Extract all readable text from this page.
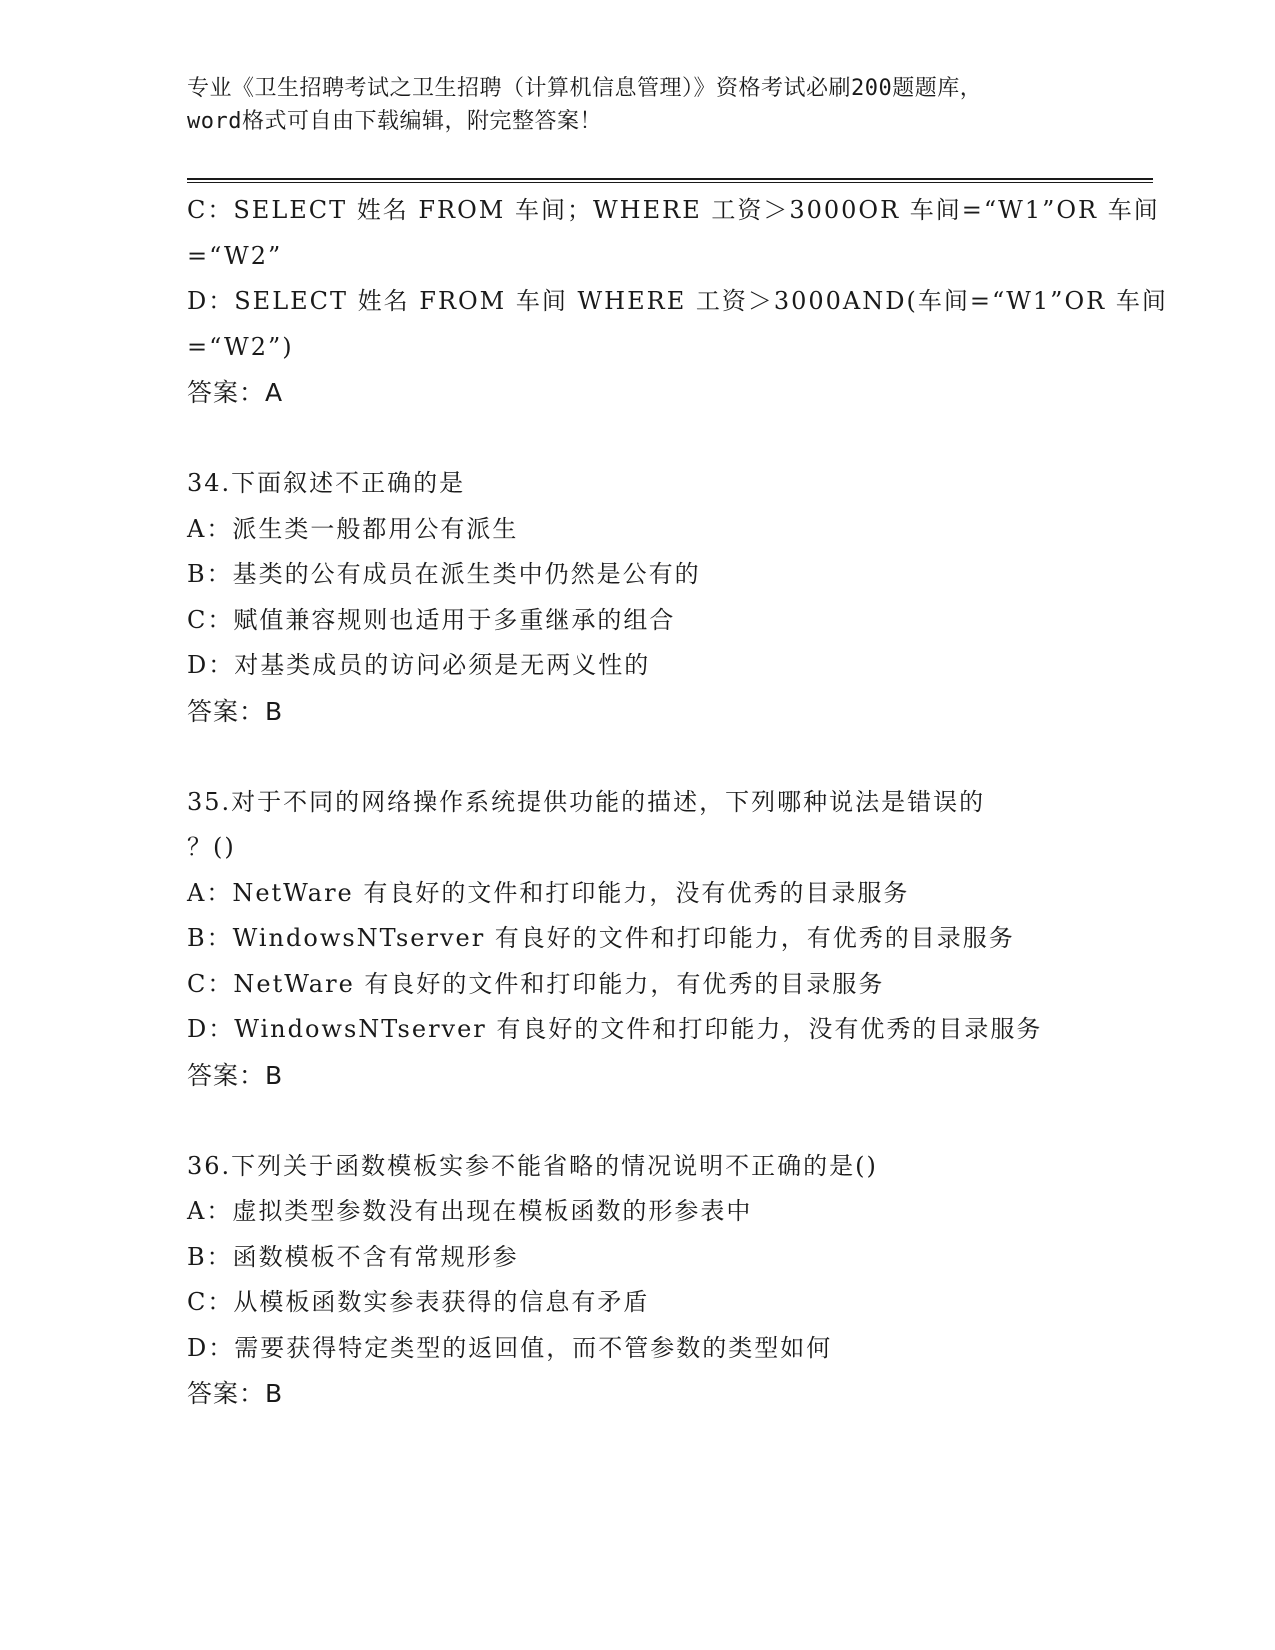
专业《卫生招聘考试之卫生招聘（计算机信息管理）》资格考试必刷200题题库，
word格式可自由下载编辑，附完整答案！
C：SELECT 姓名 FROM 车间；WHERE 工资＞3000OR 车间=“W1”OR 车间
=“W2”
D：SELECT 姓名 FROM 车间 WHERE 工资＞3000AND(车间=“W1”OR 车间
=“W2”)
答案：A
34.下面叙述不正确的是
A：派生类一般都用公有派生
B：基类的公有成员在派生类中仍然是公有的
C：赋值兼容规则也适用于多重继承的组合
D：对基类成员的访问必须是无两义性的
答案：B
35.对于不同的网络操作系统提供功能的描述，下列哪种说法是错误的
？()
A：NetWare 有良好的文件和打印能力，没有优秀的目录服务
B：WindowsNTserver 有良好的文件和打印能力，有优秀的目录服务
C：NetWare 有良好的文件和打印能力，有优秀的目录服务
D：WindowsNTserver 有良好的文件和打印能力，没有优秀的目录服务
答案：B
36.下列关于函数模板实参不能省略的情况说明不正确的是()
A：虚拟类型参数没有出现在模板函数的形参表中
B：函数模板不含有常规形参
C：从模板函数实参表获得的信息有矛盾
D：需要获得特定类型的返回值，而不管参数的类型如何
答案：B
